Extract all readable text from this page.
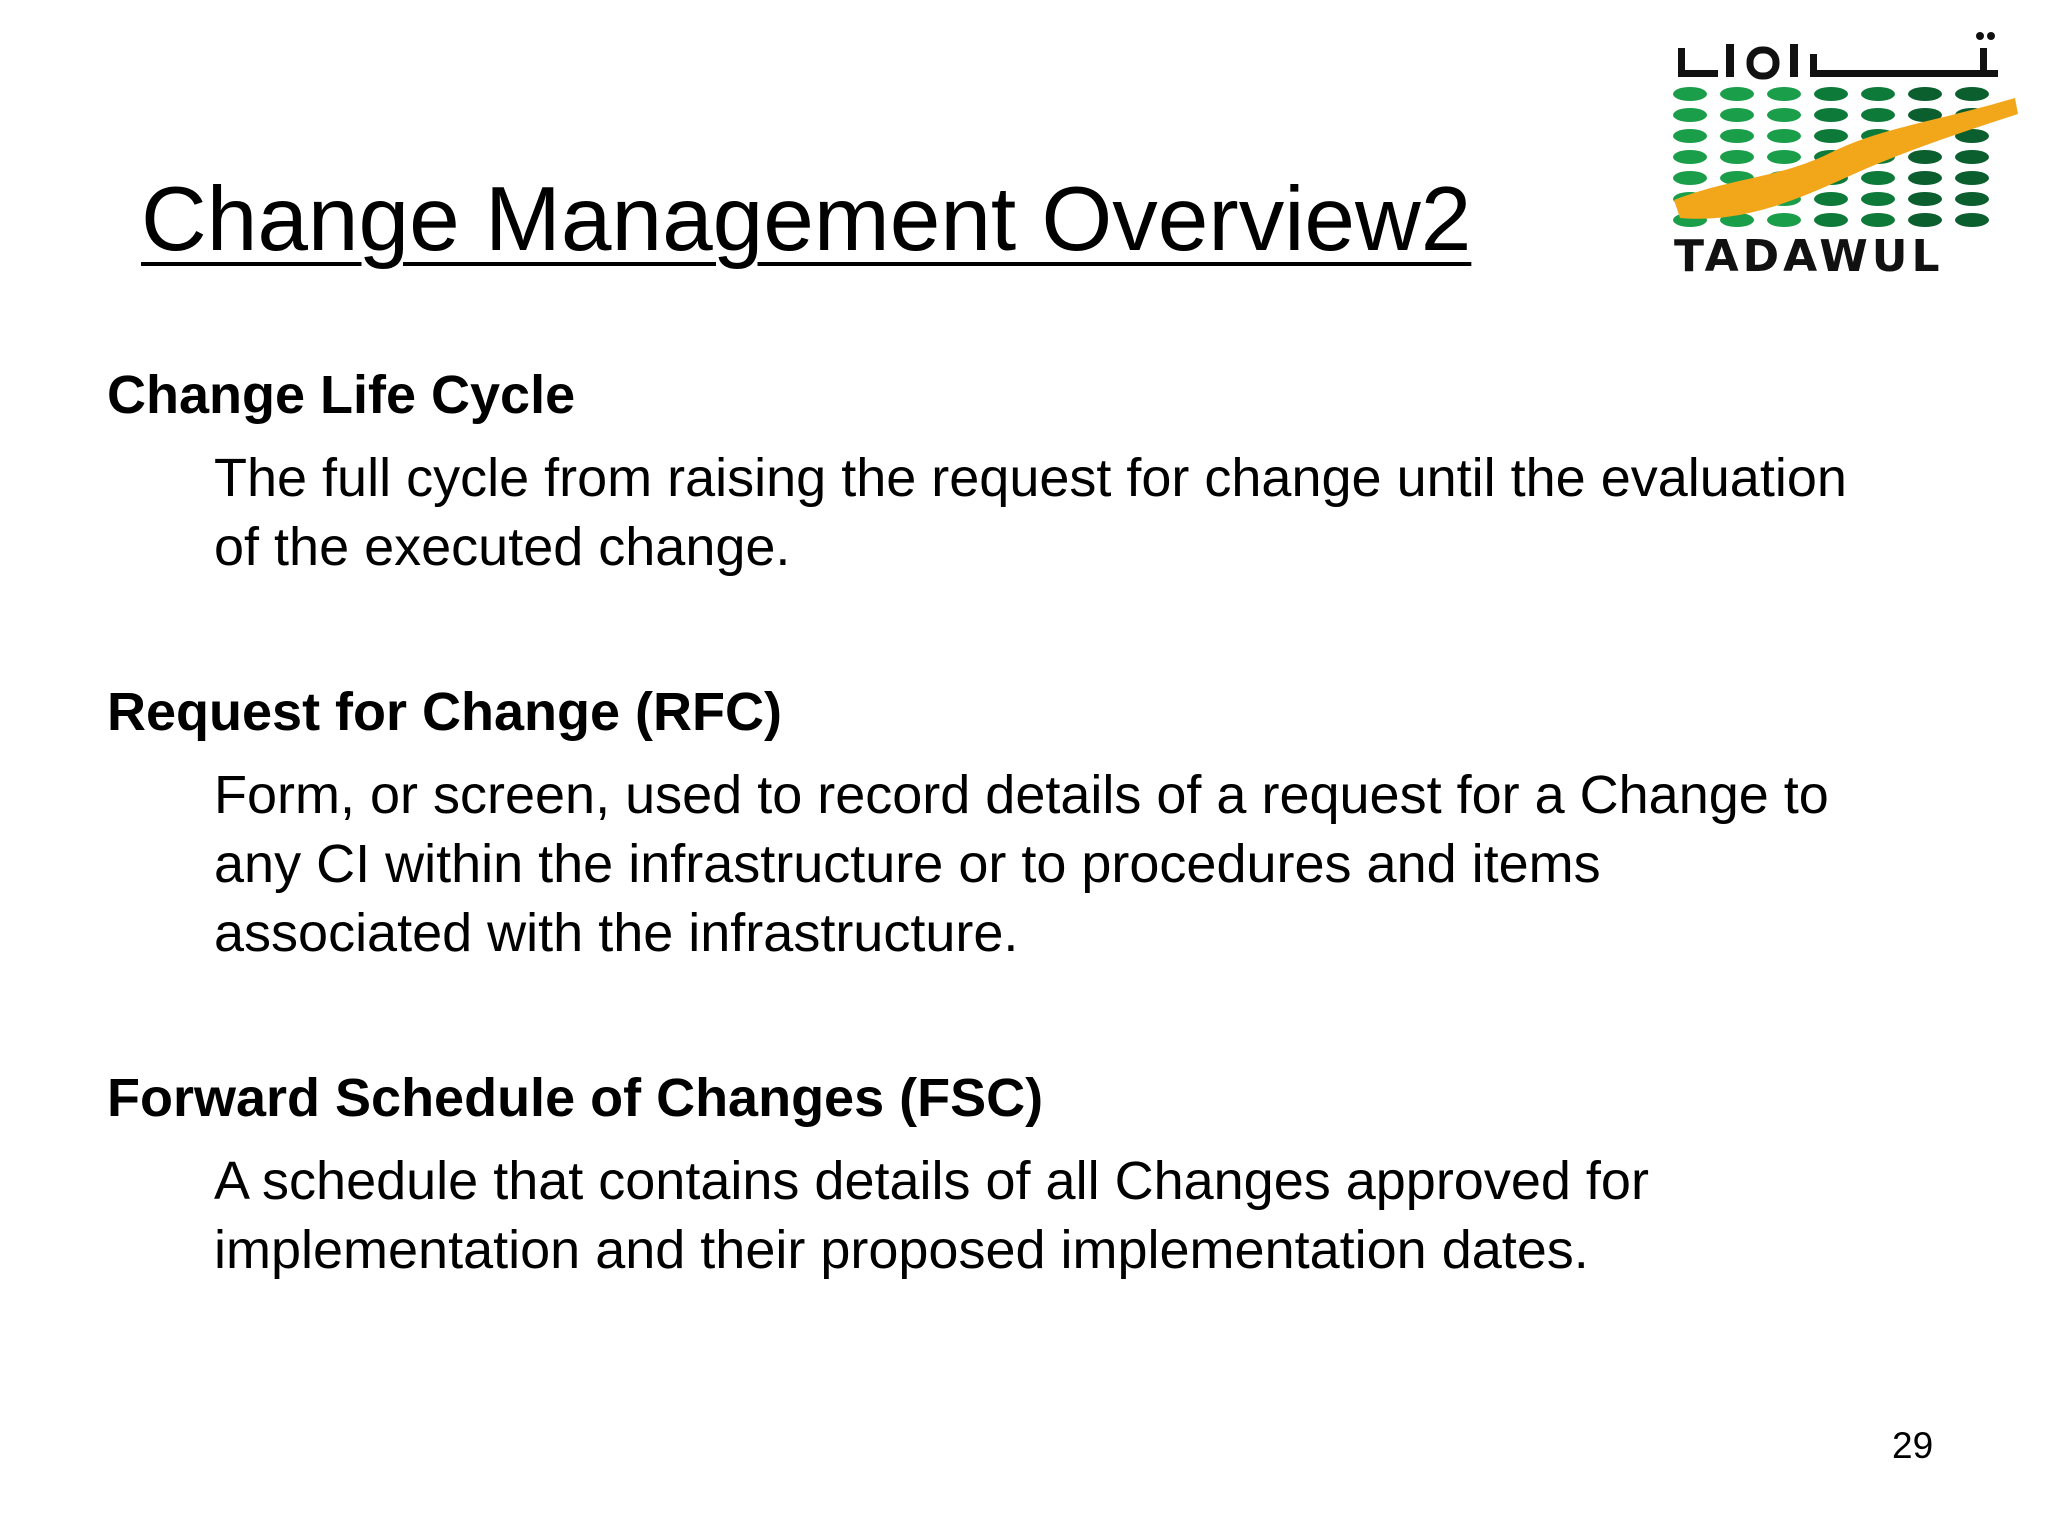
Change Management Overview2	TADAWUL

Change Life Cycle

The full cycle from raising the request for change until the evaluation
of the executed change.

Request for Change (RFC)

Form, or screen, used to record details of a request for a Change to
any CI within the infrastructure or to procedures and items
associated with the infrastructure.

Forward Schedule of Changes (FSC)

A schedule that contains details of all Changes approved for
implementation and their proposed implementation dates.
29
